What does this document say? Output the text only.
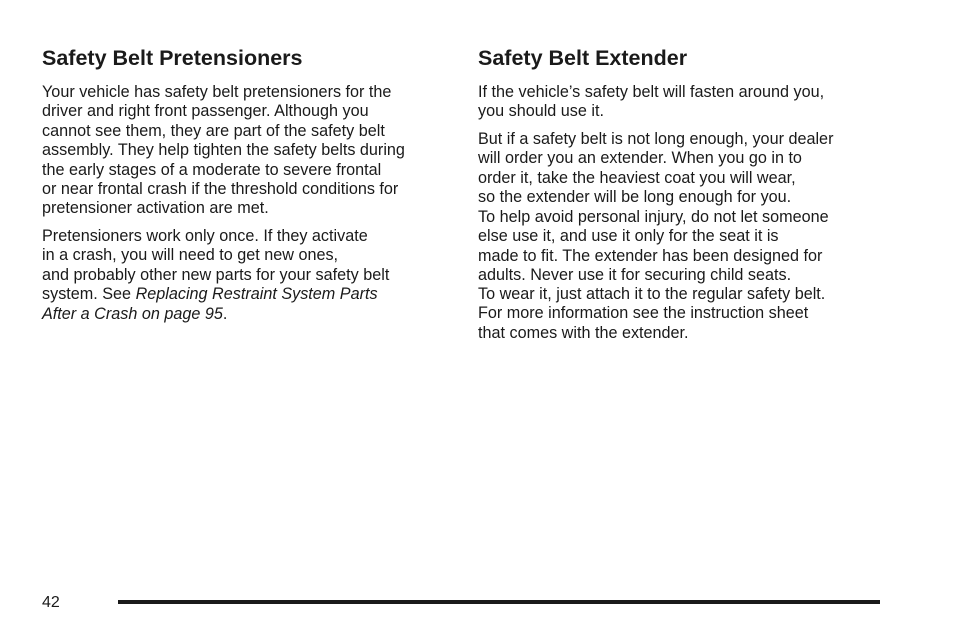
Safety Belt Pretensioners

Your vehicle has safety belt pretensioners for the
driver and right front passenger. Although you
cannot see them, they are part of the safety belt
assembly. They help tighten the safety belts during
the early stages of a moderate to severe frontal
or near frontal crash if the threshold conditions for
pretensioner activation are met.

Pretensioners work only once. If they activate
in a crash, you will need to get new ones,
and probably other new parts for your safety belt
system. See Replacing Restraint System Parts
After a Crash on page 95.

Safety Belt Extender

If the vehicle’s safety belt will fasten around you,
you should use it.

But if a safety belt is not long enough, your dealer
will order you an extender. When you go in to
order it, take the heaviest coat you will wear,
so the extender will be long enough for you.

To help avoid personal injury, do not let someone
else use it, and use it only for the seat it is
made to fit. The extender has been designed for
adults. Never use it for securing child seats.

To wear it, just attach it to the regular safety belt.
For more information see the instruction sheet
that comes with the extender.

42
